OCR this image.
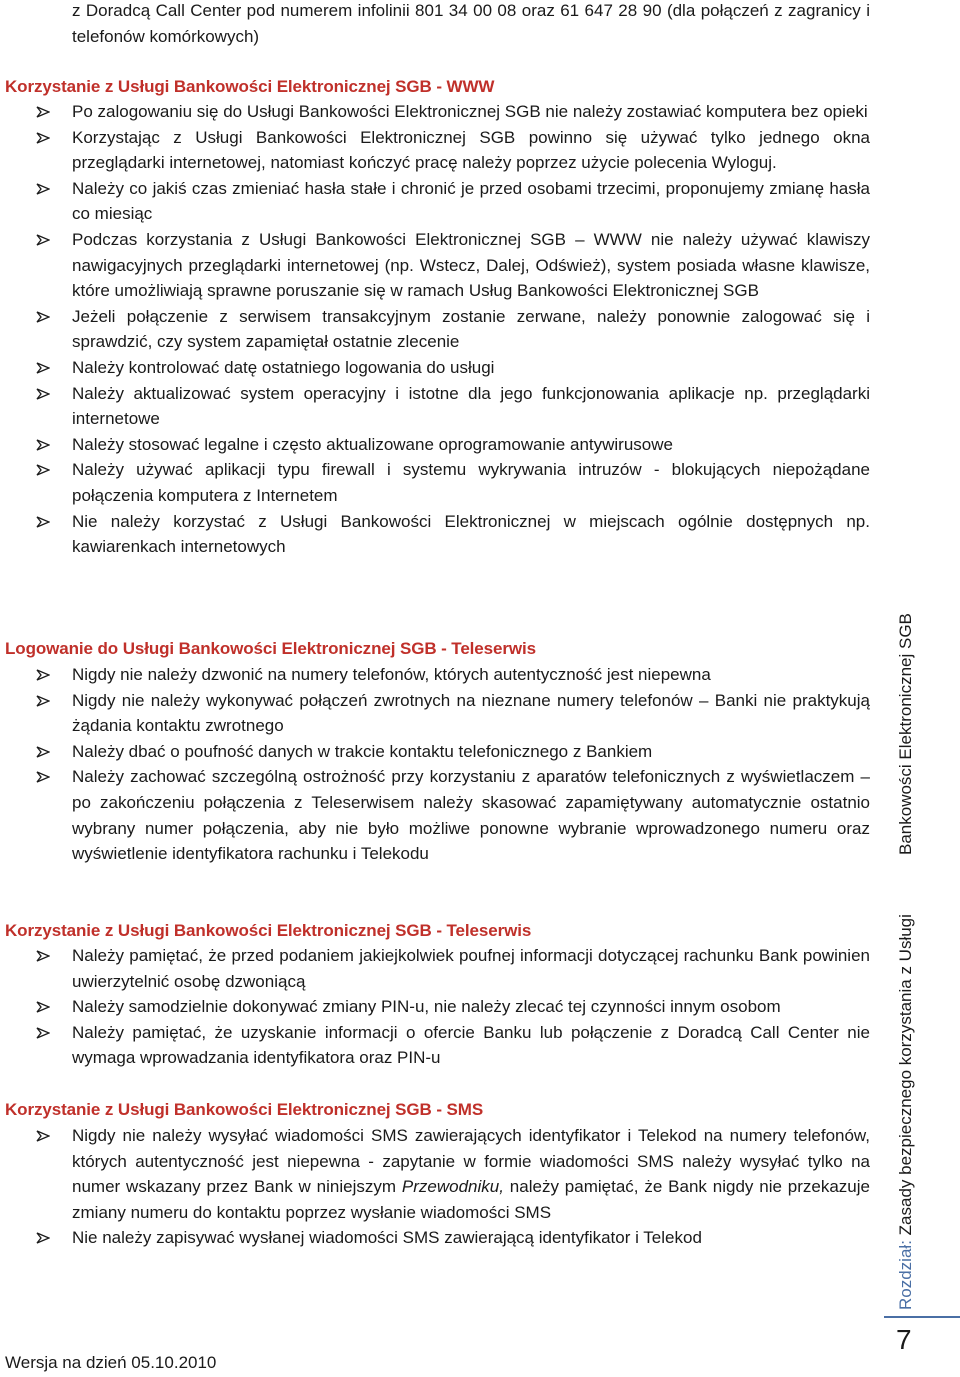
z Doradcą Call Center pod numerem infolinii 801 34 00 08 oraz 61 647 28 90 (dla połączeń z zagranicy i telefonów komórkowych)
Korzystanie z Usługi Bankowości Elektronicznej SGB - WWW
Po zalogowaniu się do Usługi Bankowości Elektronicznej SGB nie należy zostawiać komputera bez opieki
Korzystając z Usługi Bankowości Elektronicznej SGB powinno się używać tylko jednego okna przeglądarki internetowej, natomiast kończyć pracę należy poprzez użycie polecenia Wyloguj.
Należy co jakiś czas zmieniać hasła stałe i chronić je przed osobami trzecimi, proponujemy zmianę hasła co miesiąc
Podczas korzystania z Usługi Bankowości Elektronicznej SGB – WWW nie należy używać klawiszy nawigacyjnych przeglądarki internetowej (np. Wstecz, Dalej, Odśwież), system posiada własne klawisze, które umożliwiają sprawne poruszanie się w ramach Usług Bankowości Elektronicznej SGB
Jeżeli połączenie z serwisem transakcyjnym zostanie zerwane, należy ponownie zalogować się i sprawdzić, czy system zapamiętał ostatnie zlecenie
Należy kontrolować datę ostatniego logowania do usługi
Należy aktualizować system operacyjny i istotne dla jego funkcjonowania aplikacje np. przeglądarki internetowe
Należy stosować legalne i często aktualizowane oprogramowanie antywirusowe
Należy używać aplikacji typu firewall i systemu wykrywania intruzów - blokujących niepożądane połączenia komputera z Internetem
Nie należy korzystać z Usługi Bankowości Elektronicznej w miejscach ogólnie dostępnych np. kawiarenkach internetowych
Logowanie do Usługi Bankowości Elektronicznej SGB - Teleserwis
Nigdy nie należy dzwonić na numery telefonów, których autentyczność jest niepewna
Nigdy nie należy wykonywać połączeń zwrotnych na nieznane numery telefonów – Banki nie praktykują żądania kontaktu zwrotnego
Należy dbać o poufność danych w trakcie kontaktu telefonicznego z Bankiem
Należy zachować szczególną ostrożność przy korzystaniu z aparatów telefonicznych z wyświetlaczem – po zakończeniu połączenia z Teleserwisem należy skasować zapamiętywany automatycznie ostatnio wybrany numer połączenia, aby nie było możliwe ponowne wybranie wprowadzonego numeru oraz wyświetlenie identyfikatora rachunku i Telekodu
Korzystanie z Usługi Bankowości Elektronicznej SGB - Teleserwis
Należy pamiętać, że przed podaniem jakiejkolwiek poufnej informacji dotyczącej rachunku Bank powinien uwierzytelnić osobę dzwoniącą
Należy samodzielnie dokonywać zmiany PIN-u, nie należy zlecać tej czynności innym osobom
Należy pamiętać, że uzyskanie informacji o ofercie Banku lub połączenie z Doradcą Call Center nie wymaga wprowadzania identyfikatora oraz PIN-u
Korzystanie z Usługi Bankowości Elektronicznej SGB - SMS
Nigdy nie należy wysyłać wiadomości SMS zawierających identyfikator i Telekod na numery telefonów, których autentyczność jest niepewna - zapytanie w formie wiadomości SMS należy wysyłać tylko na numer wskazany przez Bank w niniejszym Przewodniku, należy pamiętać, że Bank nigdy nie przekazuje zmiany numeru do kontaktu poprzez wysłanie wiadomości SMS
Nie należy zapisywać wysłanej wiadomości SMS zawierającą identyfikator i Telekod
Rozdział: Zasady bezpiecznego korzystania z Usługi
Bankowości Elektronicznej SGB
7
Wersja na dzień 05.10.2010
